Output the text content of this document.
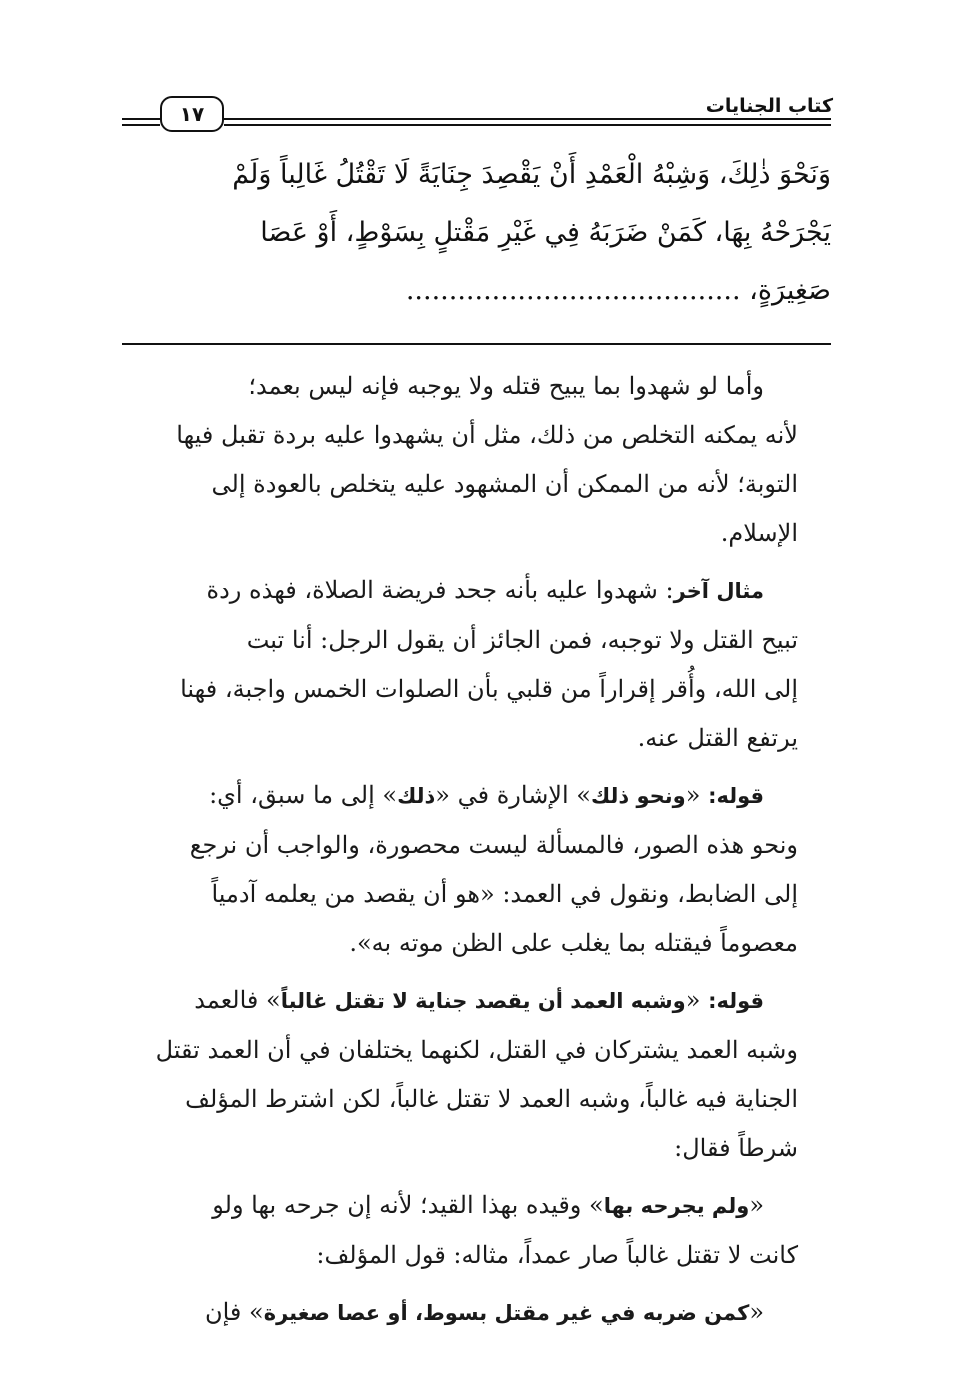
كتاب الجنايات
١٧
وَنَحْوَ ذٰلِكَ، وَشِبْهُ الْعَمْدِ أَنْ يَقْصِدَ جِنَايَةً لَا تَقْتُلُ غَالِباً وَلَمْ
يَجْرَحْهُ بِهَا، كَمَنْ ضَرَبَهُ فِي غَيْرِ مَقْتلٍ بِسَوْطٍ، أَوْ عَصَا
صَغِيرَةٍ، .......................................

وأما لو شهدوا بما يبيح قتله ولا يوجبه فإنه ليس بعمد؛
لأنه يمكنه التخلص من ذلك، مثل أن يشهدوا عليه بردة تقبل فيها
التوبة؛ لأنه من الممكن أن المشهود عليه يتخلص بالعودة إلى
الإسلام.

مثال آخر: شهدوا عليه بأنه جحد فريضة الصلاة، فهذه ردة
تبيح القتل ولا توجبه، فمن الجائز أن يقول الرجل: أنا تبت
إلى الله، وأُقر إقراراً من قلبي بأن الصلوات الخمس واجبة، فهنا
يرتفع القتل عنه.

قوله: «ونحو ذلك» الإشارة في «ذلك» إلى ما سبق، أي:
ونحو هذه الصور، فالمسألة ليست محصورة، والواجب أن نرجع
إلى الضابط، ونقول في العمد: «هو أن يقصد من يعلمه آدمياً
معصوماً فيقتله بما يغلب على الظن موته به».

قوله: «وشبه العمد أن يقصد جناية لا تقتل غالباً» فالعمد
وشبه العمد يشتركان في القتل، لكنهما يختلفان في أن العمد تقتل
الجناية فيه غالباً، وشبه العمد لا تقتل غالباً، لكن اشترط المؤلف
شرطاً فقال:

«ولم يجرحه بها» وقيده بهذا القيد؛ لأنه إن جرحه بها ولو
كانت لا تقتل غالباً صار عمداً، مثاله: قول المؤلف:

«كمن ضربه في غير مقتل بسوط، أو عصا صغيرة» فإن
